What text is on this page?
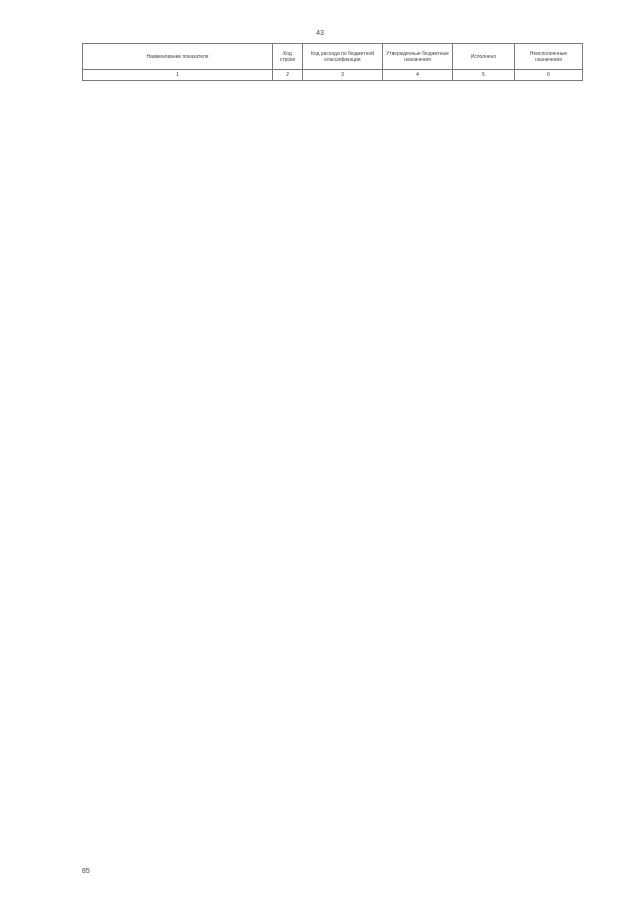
43
Наименование показателя	Код строки	Код расхода по бюджетной классификации	Утвержденные бюджетные назначения	Исполнено	Неисполненные назначения
1	2	3	4	5	6
85
